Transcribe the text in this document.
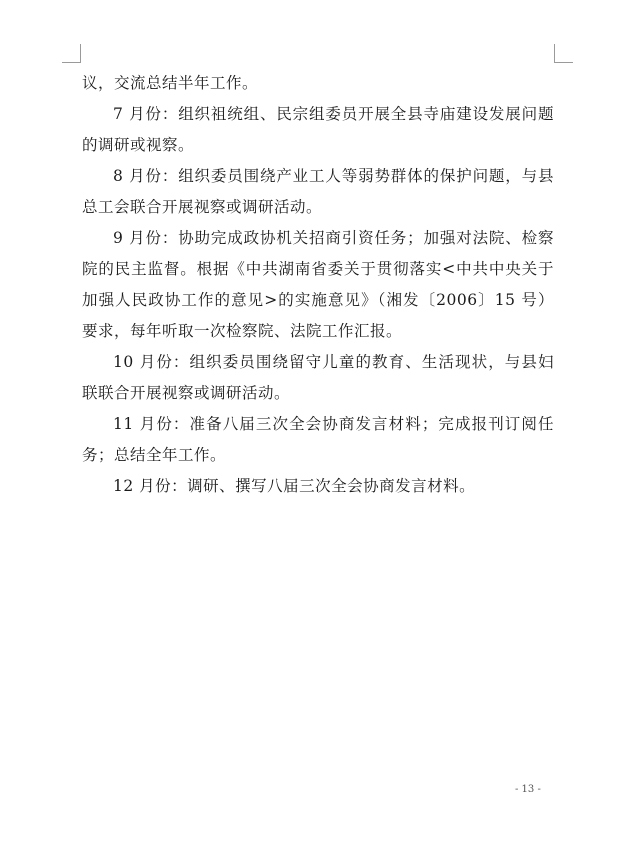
议，交流总结半年工作。

7 月份：组织祖统组、民宗组委员开展全县寺庙建设发展问题的调研或视察。

8 月份：组织委员围绕产业工人等弱势群体的保护问题，与县总工会联合开展视察或调研活动。

9 月份：协助完成政协机关招商引资任务；加强对法院、检察院的民主监督。根据《中共湖南省委关于贯彻落实<中共中央关于加强人民政协工作的意见>的实施意见》（湘发〔2006〕15 号）要求，每年听取一次检察院、法院工作汇报。

10 月份：组织委员围绕留守儿童的教育、生活现状，与县妇联联合开展视察或调研活动。

11 月份：准备八届三次全会协商发言材料；完成报刊订阅任务；总结全年工作。

12 月份：调研、撰写八届三次全会协商发言材料。

- 13 -
